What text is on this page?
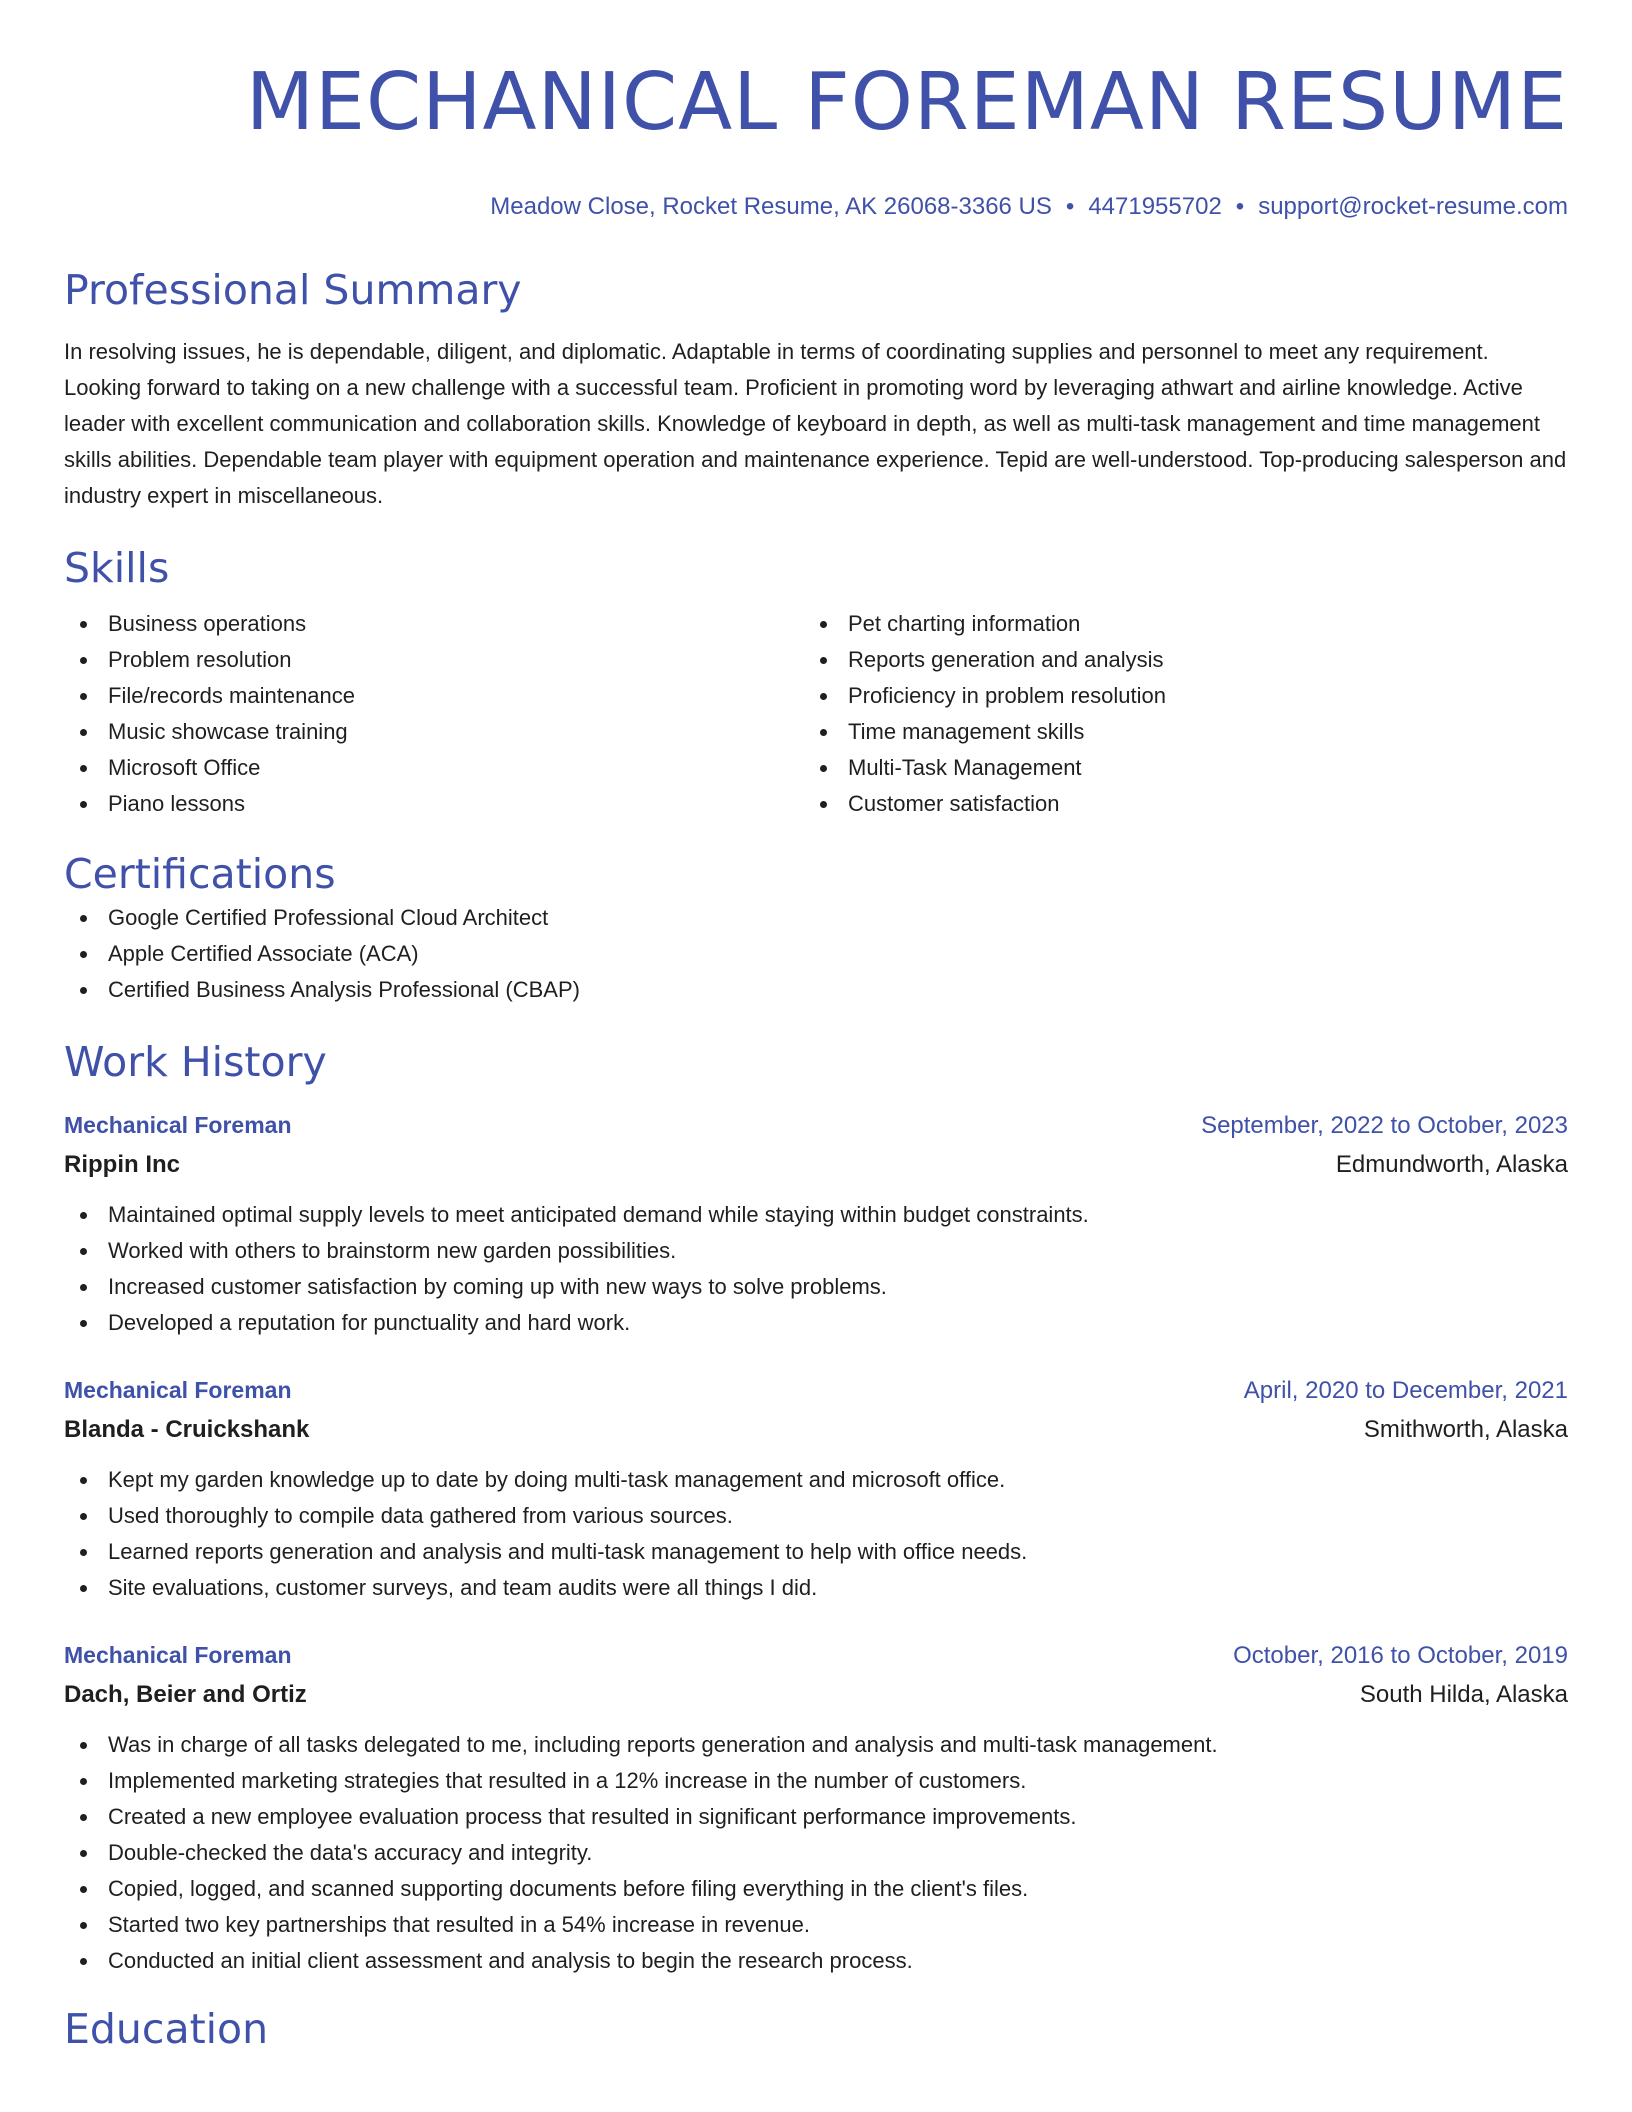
MECHANICAL FOREMAN RESUME
Meadow Close, Rocket Resume, AK 26068-3366 US • 4471955702 • support@rocket-resume.com
Professional Summary

In resolving issues, he is dependable, diligent, and diplomatic. Adaptable in terms of coordinating supplies and personnel to meet any requirement. Looking forward to taking on a new challenge with a successful team. Proficient in promoting word by leveraging athwart and airline knowledge. Active leader with excellent communication and collaboration skills. Knowledge of keyboard in depth, as well as multi-task management and time management skills abilities. Dependable team player with equipment operation and maintenance experience. Tepid are well-understood. Top-producing salesperson and industry expert in miscellaneous.

Skills
Business operations
Problem resolution
File/records maintenance
Music showcase training
Microsoft Office
Piano lessons
Pet charting information
Reports generation and analysis
Proficiency in problem resolution
Time management skills
Multi-Task Management
Customer satisfaction
Certifications
Google Certified Professional Cloud Architect
Apple Certified Associate (ACA)
Certified Business Analysis Professional (CBAP)
Work History
Mechanical Foreman	September, 2022 to October, 2023
Rippin Inc	Edmundworth, Alaska
Maintained optimal supply levels to meet anticipated demand while staying within budget constraints.
Worked with others to brainstorm new garden possibilities.
Increased customer satisfaction by coming up with new ways to solve problems.
Developed a reputation for punctuality and hard work.
Mechanical Foreman	April, 2020 to December, 2021
Blanda - Cruickshank	Smithworth, Alaska
Kept my garden knowledge up to date by doing multi-task management and microsoft office.
Used thoroughly to compile data gathered from various sources.
Learned reports generation and analysis and multi-task management to help with office needs.
Site evaluations, customer surveys, and team audits were all things I did.
Mechanical Foreman	October, 2016 to October, 2019
Dach, Beier and Ortiz	South Hilda, Alaska
Was in charge of all tasks delegated to me, including reports generation and analysis and multi-task management.
Implemented marketing strategies that resulted in a 12% increase in the number of customers.
Created a new employee evaluation process that resulted in significant performance improvements.
Double-checked the data's accuracy and integrity.
Copied, logged, and scanned supporting documents before filing everything in the client's files.
Started two key partnerships that resulted in a 54% increase in revenue.
Conducted an initial client assessment and analysis to begin the research process.
Education
